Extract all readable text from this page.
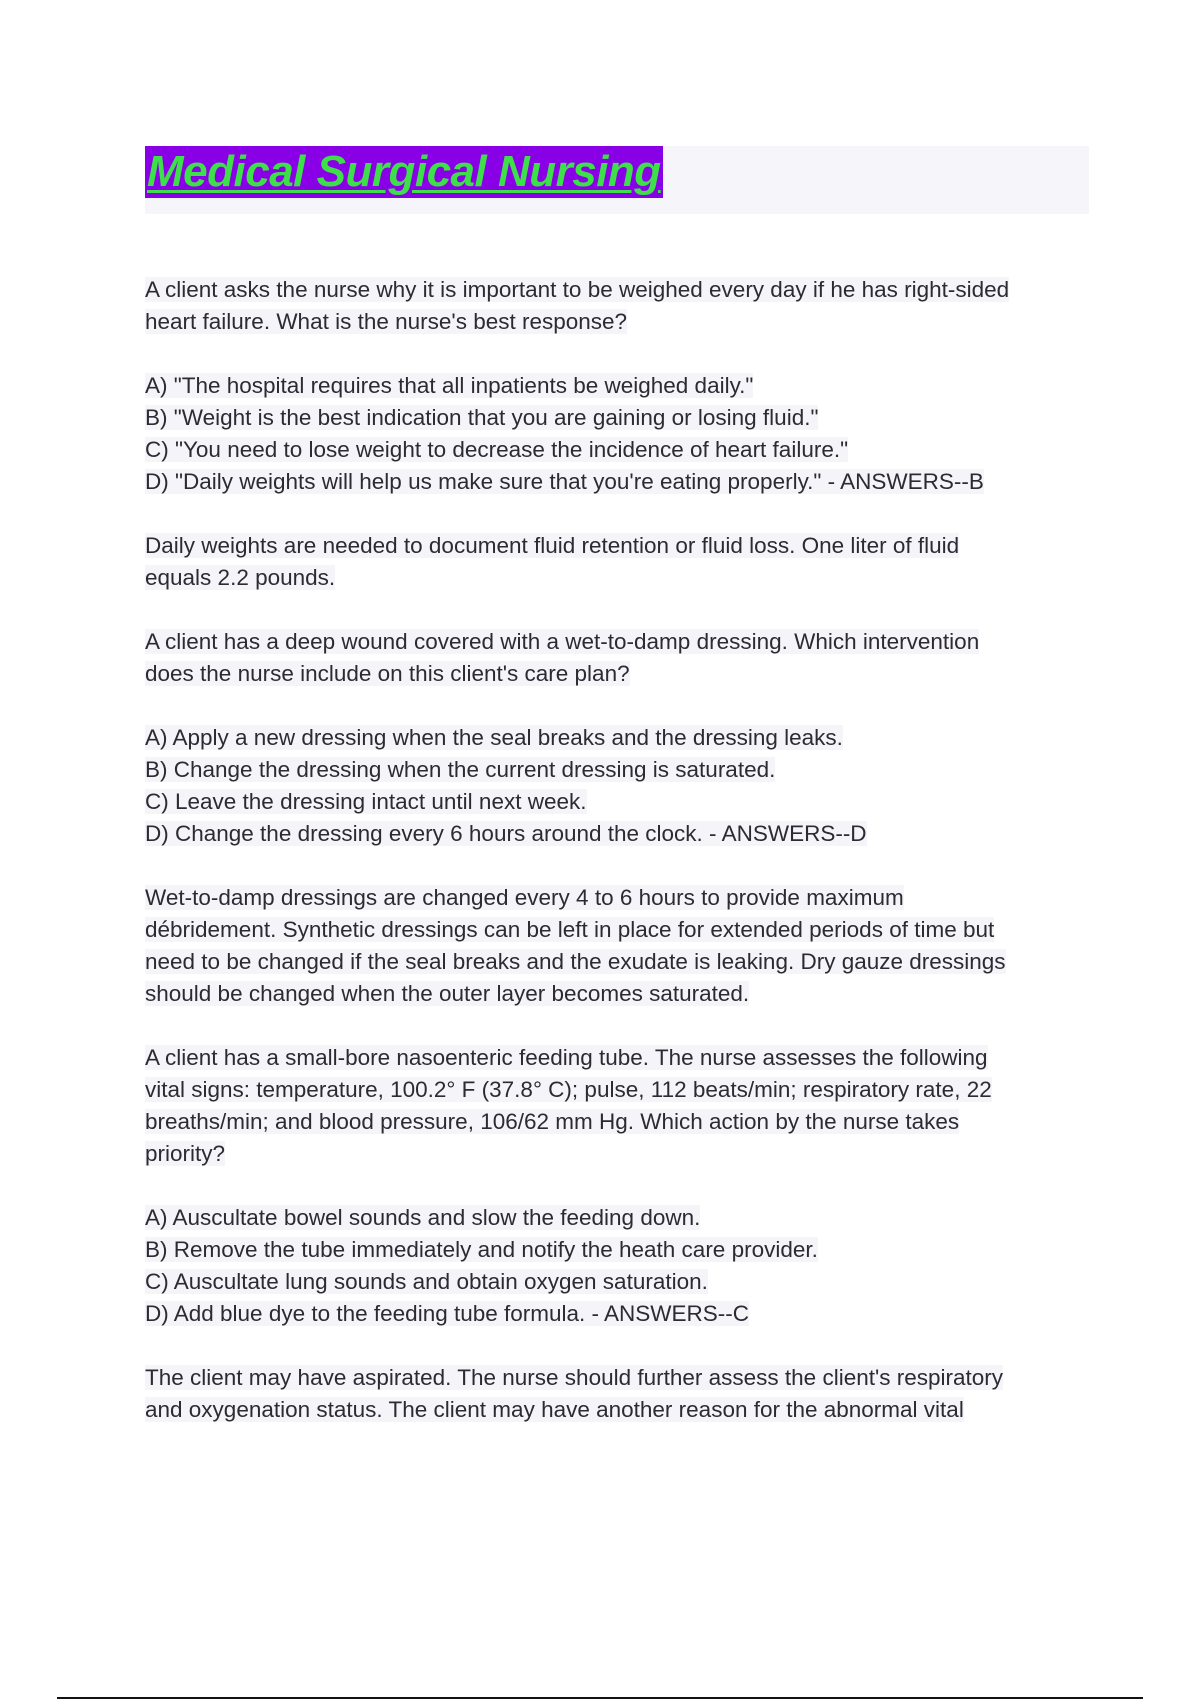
Medical Surgical Nursing
A client asks the nurse why it is important to be weighed every day if he has right-sided
heart failure. What is the nurse's best response?
A) "The hospital requires that all inpatients be weighed daily."
B) "Weight is the best indication that you are gaining or losing fluid."
C) "You need to lose weight to decrease the incidence of heart failure."
D) "Daily weights will help us make sure that you're eating properly." - ANSWERS--B
Daily weights are needed to document fluid retention or fluid loss. One liter of fluid
equals 2.2 pounds.
A client has a deep wound covered with a wet-to-damp dressing. Which intervention
does the nurse include on this client's care plan?
A) Apply a new dressing when the seal breaks and the dressing leaks.
B) Change the dressing when the current dressing is saturated.
C) Leave the dressing intact until next week.
D) Change the dressing every 6 hours around the clock. - ANSWERS--D
Wet-to-damp dressings are changed every 4 to 6 hours to provide maximum
débridement. Synthetic dressings can be left in place for extended periods of time but
need to be changed if the seal breaks and the exudate is leaking. Dry gauze dressings
should be changed when the outer layer becomes saturated.
A client has a small-bore nasoenteric feeding tube. The nurse assesses the following
vital signs: temperature, 100.2° F (37.8° C); pulse, 112 beats/min; respiratory rate, 22
breaths/min; and blood pressure, 106/62 mm Hg. Which action by the nurse takes
priority?
A) Auscultate bowel sounds and slow the feeding down.
B) Remove the tube immediately and notify the heath care provider.
C) Auscultate lung sounds and obtain oxygen saturation.
D) Add blue dye to the feeding tube formula. - ANSWERS--C
The client may have aspirated. The nurse should further assess the client's respiratory
and oxygenation status. The client may have another reason for the abnormal vital
